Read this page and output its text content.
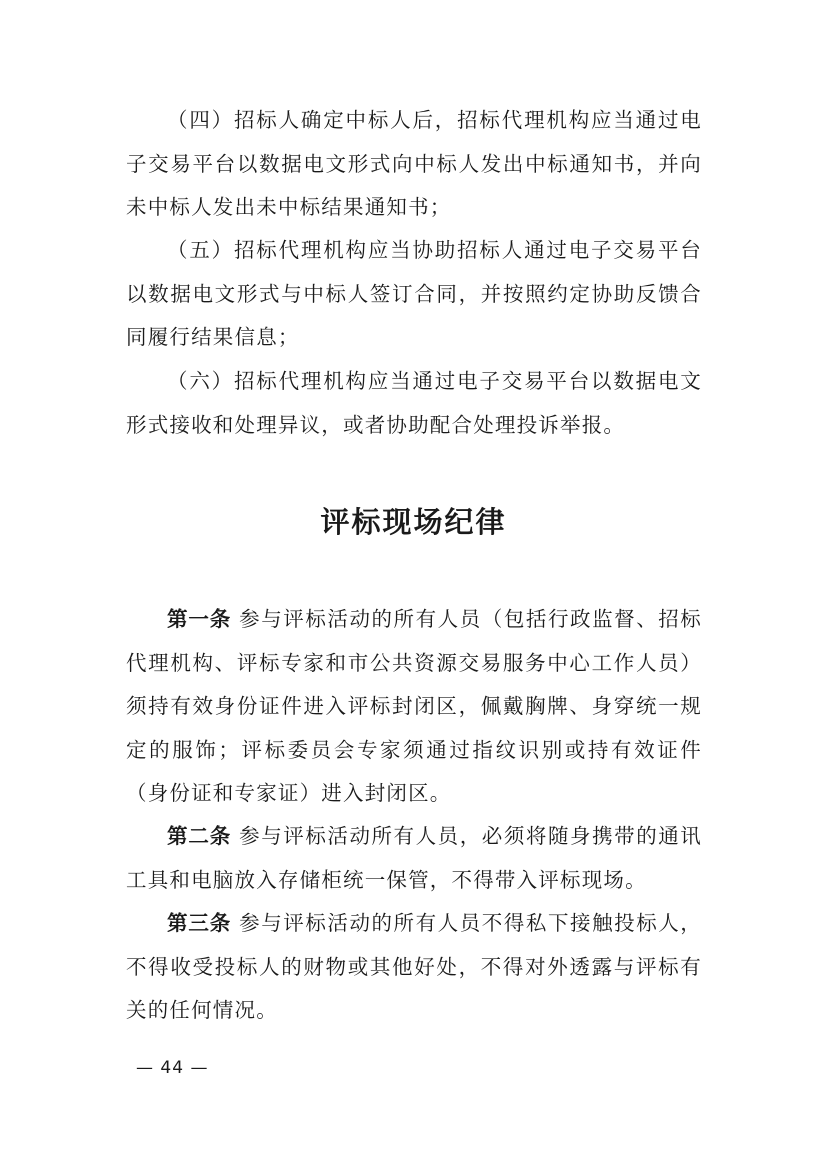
（四）招标人确定中标人后，招标代理机构应当通过电子交易平台以数据电文形式向中标人发出中标通知书，并向未中标人发出未中标结果通知书；

（五）招标代理机构应当协助招标人通过电子交易平台以数据电文形式与中标人签订合同，并按照约定协助反馈合同履行结果信息；

（六）招标代理机构应当通过电子交易平台以数据电文形式接收和处理异议，或者协助配合处理投诉举报。

评标现场纪律

第一条 参与评标活动的所有人员（包括行政监督、招标代理机构、评标专家和市公共资源交易服务中心工作人员）须持有效身份证件进入评标封闭区，佩戴胸牌、身穿统一规定的服饰；评标委员会专家须通过指纹识别或持有效证件（身份证和专家证）进入封闭区。

第二条 参与评标活动所有人员，必须将随身携带的通讯工具和电脑放入存储柜统一保管，不得带入评标现场。

第三条 参与评标活动的所有人员不得私下接触投标人，不得收受投标人的财物或其他好处，不得对外透露与评标有关的任何情况。

— 44 —
